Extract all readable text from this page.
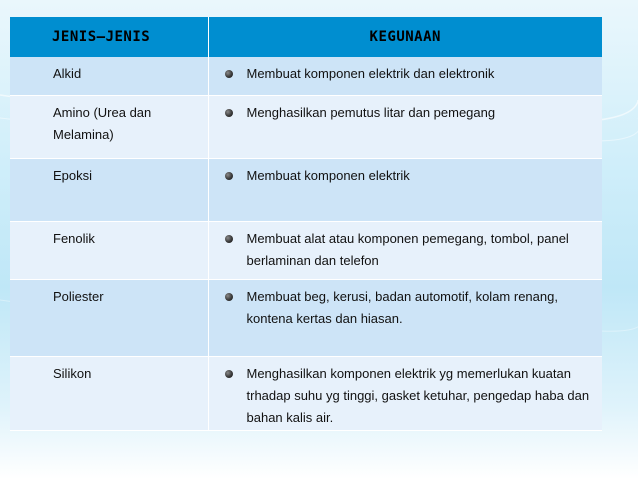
JENIS–JENIS	KEGUNAAN
Alkid	Membuat komponen elektrik dan elektronik

Amino (Urea dan Melamina)	Menghasilkan pemutus litar dan pemegang

Epoksi	Membuat komponen elektrik

Fenolik	Membuat alat atau komponen pemegang, tombol, panel berlaminan dan telefon

Poliester	Membuat beg, kerusi, badan automotif, kolam renang, kontena kertas dan hiasan.

Silikon	Menghasilkan komponen elektrik yg memerlukan kuatan trhadap suhu yg tinggi, gasket ketuhar, pengedap haba dan bahan kalis air.
